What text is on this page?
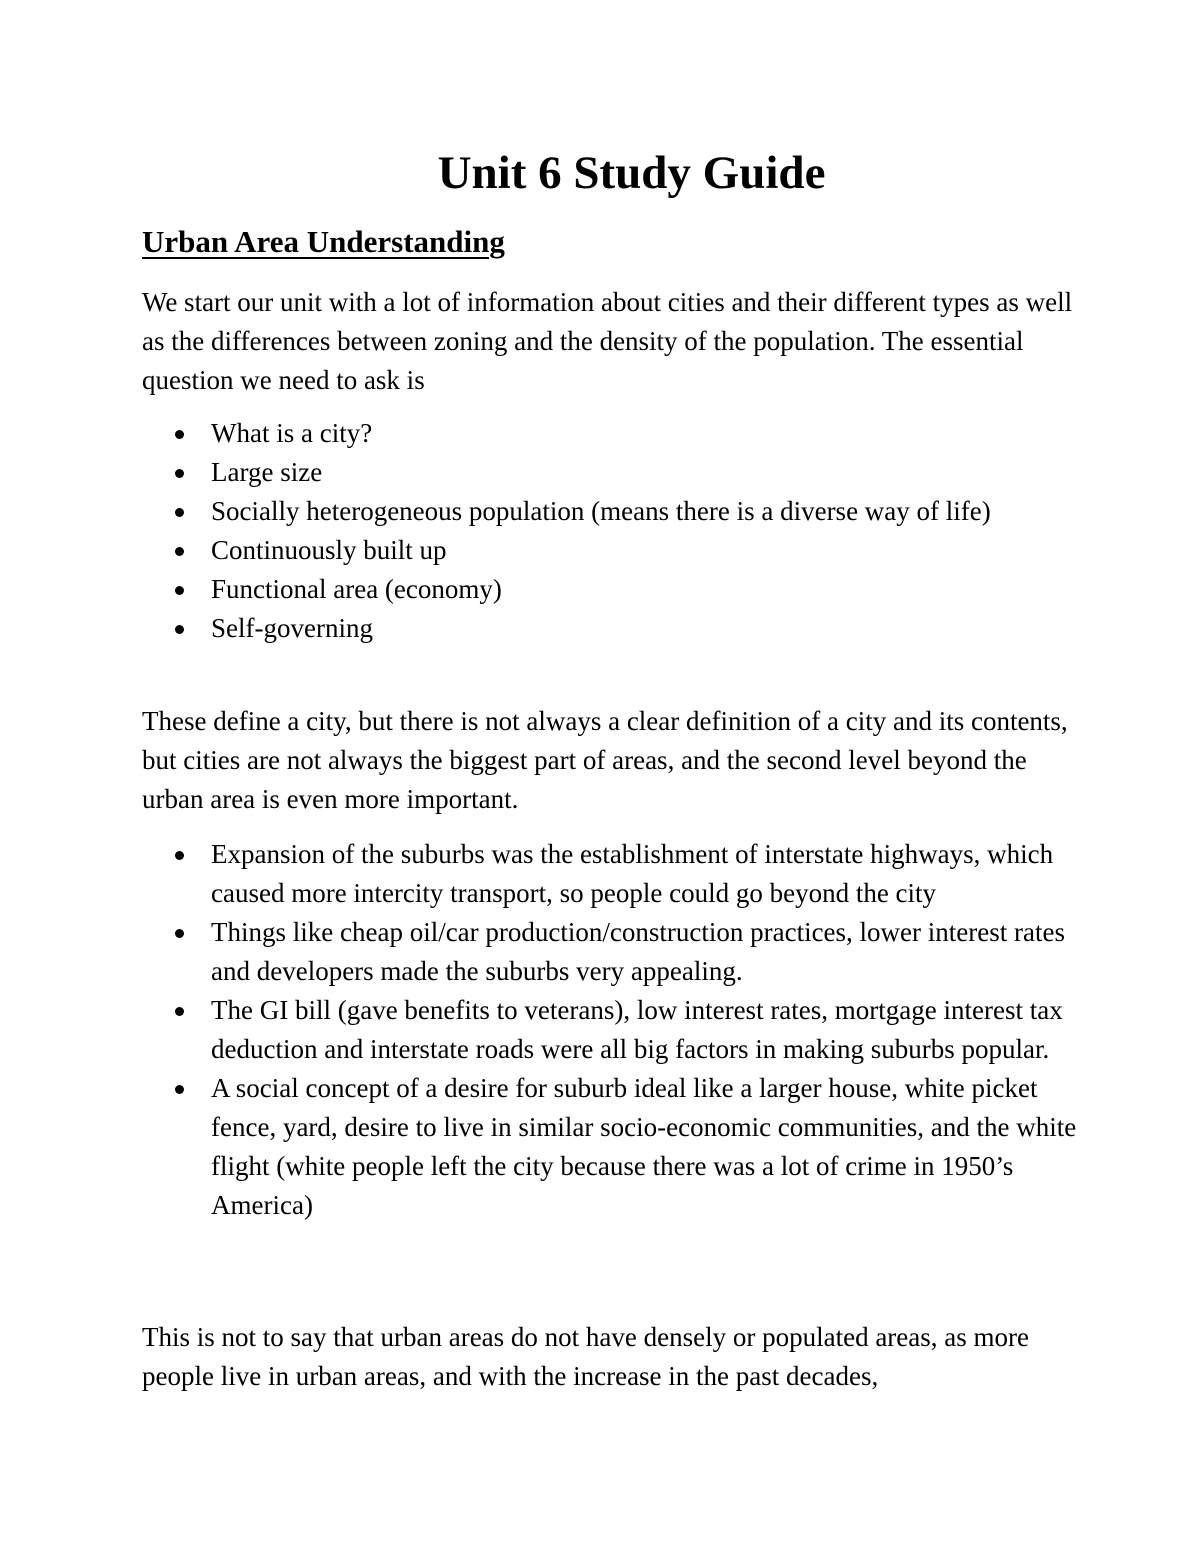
Unit 6 Study Guide
Urban Area Understanding

We start our unit with a lot of information about cities and their different types as well as the differences between zoning and the density of the population. The essential question we need to ask is

What is a city?
Large size
Socially heterogeneous population (means there is a diverse way of life)
Continuously built up
Functional area (economy)
Self-governing

These define a city, but there is not always a clear definition of a city and its contents, but cities are not always the biggest part of areas, and the second level beyond the urban area is even more important.

Expansion of the suburbs was the establishment of interstate highways, which caused more intercity transport, so people could go beyond the city
Things like cheap oil/car production/construction practices, lower interest rates and developers made the suburbs very appealing.
The GI bill (gave benefits to veterans), low interest rates, mortgage interest tax deduction and interstate roads were all big factors in making suburbs popular.
A social concept of a desire for suburb ideal like a larger house, white picket fence, yard, desire to live in similar socio-economic communities, and the white flight (white people left the city because there was a lot of crime in 1950’s America)

This is not to say that urban areas do not have densely or populated areas, as more people live in urban areas, and with the increase in the past decades,
